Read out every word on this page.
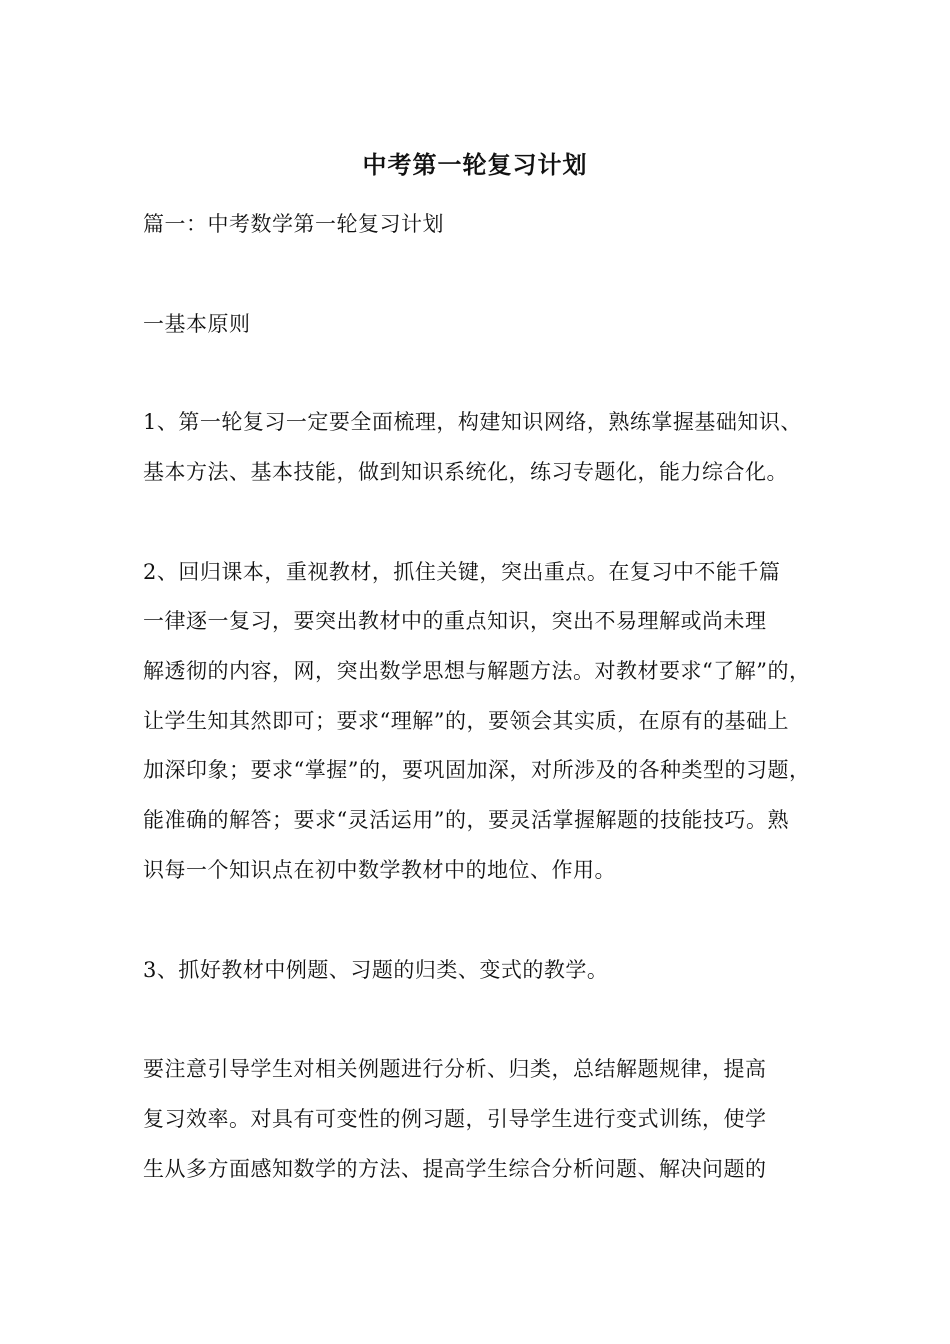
中考第一轮复习计划
篇一：中考数学第一轮复习计划
一基本原则
1、第一轮复习一定要全面梳理，构建知识网络，熟练掌握基础知识、
基本方法、基本技能，做到知识系统化，练习专题化，能力综合化。
2、回归课本，重视教材，抓住关键，突出重点。在复习中不能千篇
一律逐一复习，要突出教材中的重点知识，突出不易理解或尚未理
解透彻的内容，网，突出数学思想与解题方法。对教材要求“了解”的，
让学生知其然即可；要求“理解”的，要领会其实质，在原有的基础上
加深印象；要求“掌握”的，要巩固加深，对所涉及的各种类型的习题，
能准确的解答；要求“灵活运用”的，要灵活掌握解题的技能技巧。熟
识每一个知识点在初中数学教材中的地位、作用。
3、抓好教材中例题、习题的归类、变式的教学。
要注意引导学生对相关例题进行分析、归类，总结解题规律，提高
复习效率。对具有可变性的例习题，引导学生进行变式训练，使学
生从多方面感知数学的方法、提高学生综合分析问题、解决问题的
